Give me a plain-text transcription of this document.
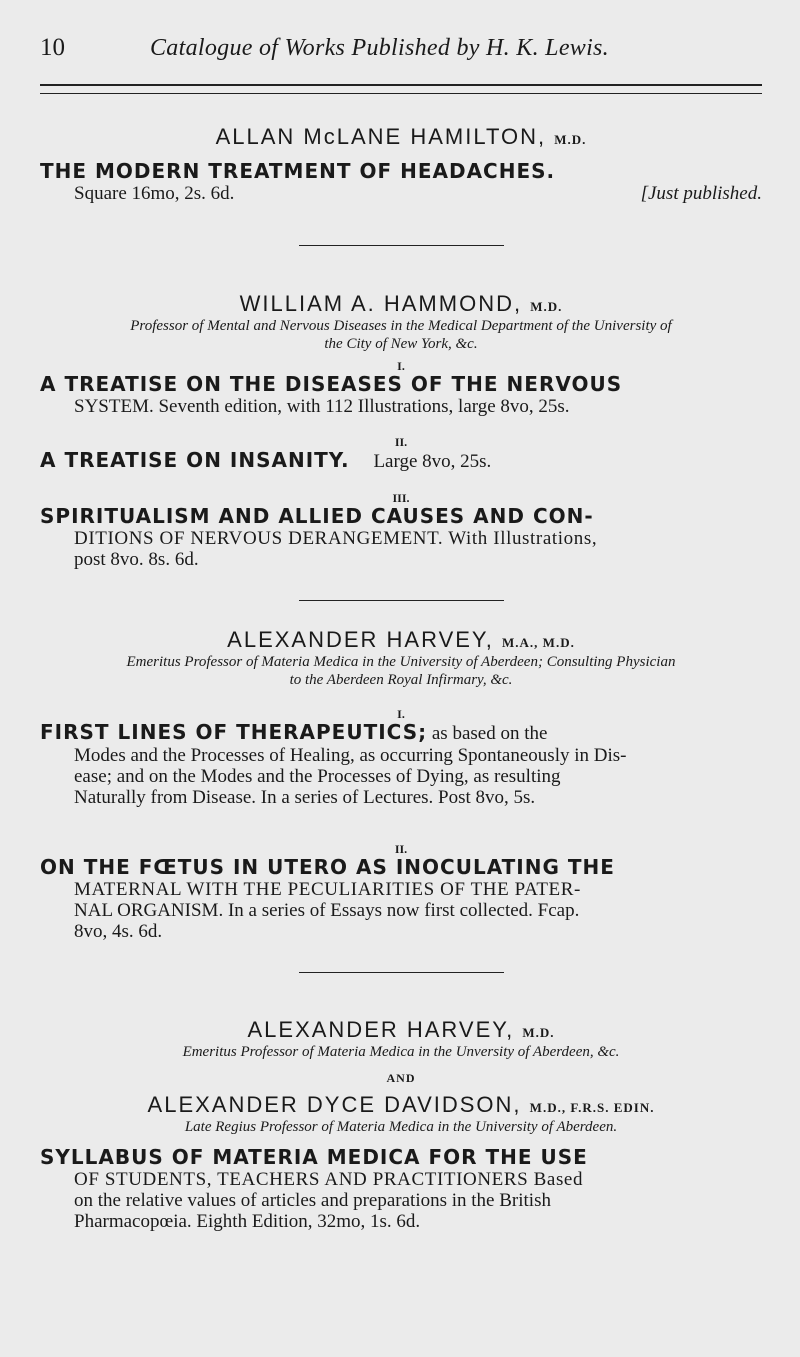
10	Catalogue of Works Published by H. K. Lewis.
ALLAN McLANE HAMILTON, M.D.
THE MODERN TREATMENT OF HEADACHES.
Square 16mo, 2s. 6d.	[Just published.
WILLIAM A. HAMMOND, M.D.
Professor of Mental and Nervous Diseases in the Medical Department of the University of
the City of New York, &c.
I.
A TREATISE ON THE DISEASES OF THE NERVOUS
SYSTEM. Seventh edition, with 112 Illustrations, large 8vo, 25s.
II.
A TREATISE ON INSANITY. Large 8vo, 25s.
III.
SPIRITUALISM AND ALLIED CAUSES AND CON-
DITIONS OF NERVOUS DERANGEMENT. With Illustrations,
post 8vo. 8s. 6d.
ALEXANDER HARVEY, M.A., M.D.
Emeritus Professor of Materia Medica in the University of Aberdeen; Consulting Physician
to the Aberdeen Royal Infirmary, &c.
I.
FIRST LINES OF THERAPEUTICS; as based on the
Modes and the Processes of Healing, as occurring Spontaneously in Dis-
ease; and on the Modes and the Processes of Dying, as resulting
Naturally from Disease. In a series of Lectures. Post 8vo, 5s.
II.
ON THE FŒTUS IN UTERO AS INOCULATING THE
MATERNAL WITH THE PECULIARITIES OF THE PATER-
NAL ORGANISM. In a series of Essays now first collected. Fcap.
8vo, 4s. 6d.
ALEXANDER HARVEY, M.D.
Emeritus Professor of Materia Medica in the Unversity of Aberdeen, &c.
AND
ALEXANDER DYCE DAVIDSON, M.D., F.R.S. EDIN.
Late Regius Professor of Materia Medica in the University of Aberdeen.
SYLLABUS OF MATERIA MEDICA FOR THE USE
OF STUDENTS, TEACHERS AND PRACTITIONERS Based
on the relative values of articles and preparations in the British
Pharmacopœia. Eighth Edition, 32mo, 1s. 6d.
